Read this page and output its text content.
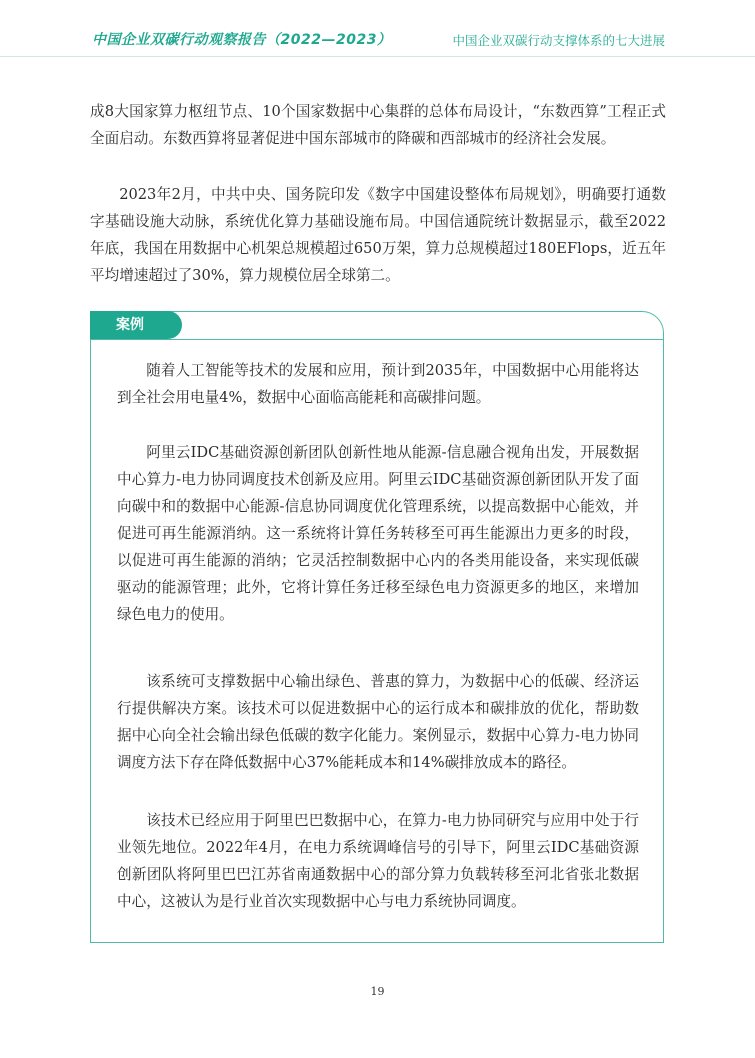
中国企业双碳行动观察报告（2022—2023）	中国企业双碳行动支撑体系的七大进展

成8大国家算力枢纽节点、10个国家数据中心集群的总体布局设计，“东数西算”工程正式全面启动。东数西算将显著促进中国东部城市的降碳和西部城市的经济社会发展。

2023年2月，中共中央、国务院印发《数字中国建设整体布局规划》，明确要打通数字基础设施大动脉，系统优化算力基础设施布局。中国信通院统计数据显示，截至2022年底，我国在用数据中心机架总规模超过650万架，算力总规模超过180EFlops，近五年平均增速超过了30%，算力规模位居全球第二。

案例

随着人工智能等技术的发展和应用，预计到2035年，中国数据中心用能将达到全社会用电量4%，数据中心面临高能耗和高碳排问题。

阿里云IDC基础资源创新团队创新性地从能源-信息融合视角出发，开展数据中心算力-电力协同调度技术创新及应用。阿里云IDC基础资源创新团队开发了面向碳中和的数据中心能源-信息协同调度优化管理系统，以提高数据中心能效，并促进可再生能源消纳。这一系统将计算任务转移至可再生能源出力更多的时段，以促进可再生能源的消纳；它灵活控制数据中心内的各类用能设备，来实现低碳驱动的能源管理；此外，它将计算任务迁移至绿色电力资源更多的地区，来增加绿色电力的使用。

该系统可支撑数据中心输出绿色、普惠的算力，为数据中心的低碳、经济运行提供解决方案。该技术可以促进数据中心的运行成本和碳排放的优化，帮助数据中心向全社会输出绿色低碳的数字化能力。案例显示，数据中心算力-电力协同调度方法下存在降低数据中心37%能耗成本和14%碳排放成本的路径。

该技术已经应用于阿里巴巴数据中心，在算力-电力协同研究与应用中处于行业领先地位。2022年4月，在电力系统调峰信号的引导下，阿里云IDC基础资源创新团队将阿里巴巴江苏省南通数据中心的部分算力负载转移至河北省张北数据中心，这被认为是行业首次实现数据中心与电力系统协同调度。

19
